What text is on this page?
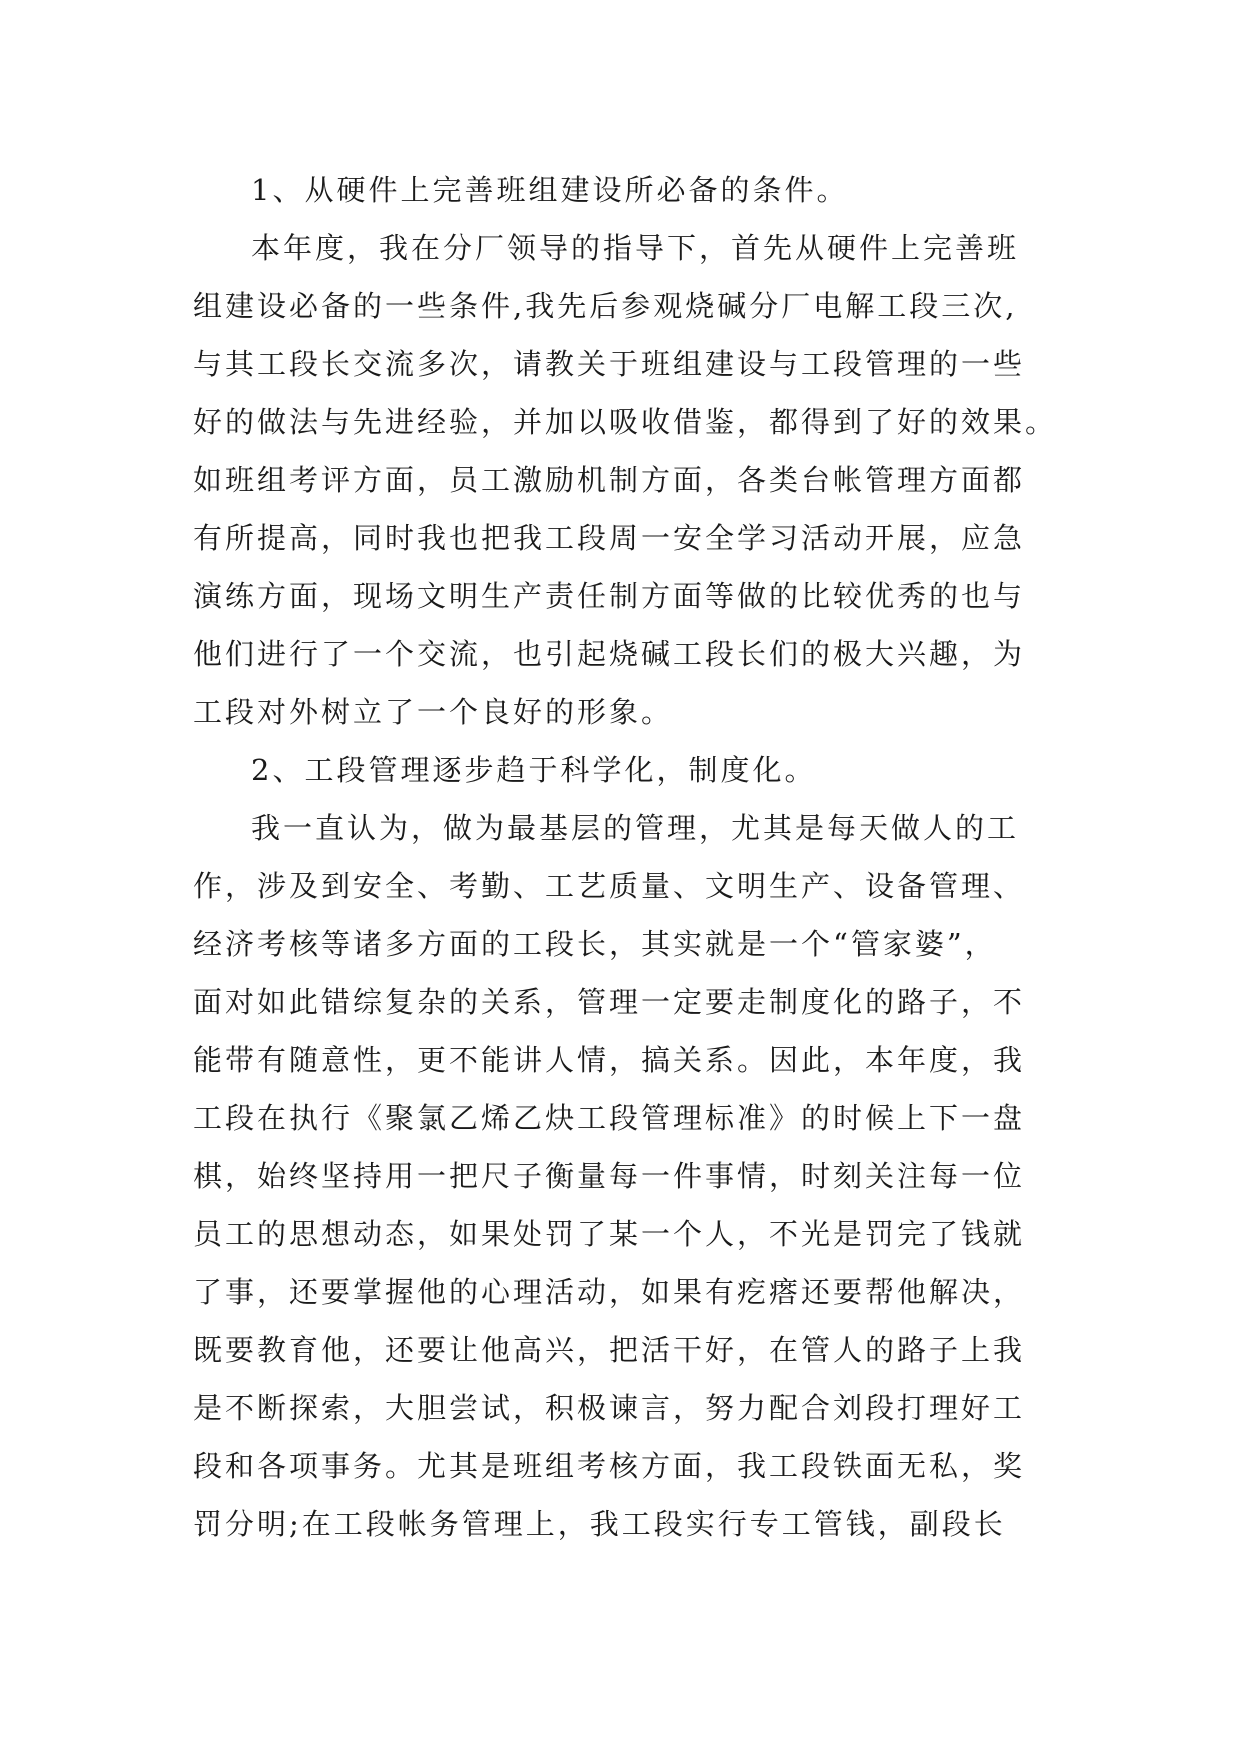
1、从硬件上完善班组建设所必备的条件。
本年度，我在分厂领导的指导下，首先从硬件上完善班
组建设必备的一些条件,我先后参观烧碱分厂电解工段三次,
与其工段长交流多次，请教关于班组建设与工段管理的一些
好的做法与先进经验，并加以吸收借鉴，都得到了好的效果。
如班组考评方面，员工激励机制方面，各类台帐管理方面都
有所提高，同时我也把我工段周一安全学习活动开展，应急
演练方面，现场文明生产责任制方面等做的比较优秀的也与
他们进行了一个交流，也引起烧碱工段长们的极大兴趣，为
工段对外树立了一个良好的形象。
2、工段管理逐步趋于科学化，制度化。
我一直认为，做为最基层的管理，尤其是每天做人的工
作，涉及到安全、考勤、工艺质量、文明生产、设备管理、
经济考核等诸多方面的工段长，其实就是一个“管家婆”，
面对如此错综复杂的关系，管理一定要走制度化的路子，不
能带有随意性，更不能讲人情，搞关系。因此，本年度，我
工段在执行《聚氯乙烯乙炔工段管理标准》的时候上下一盘
棋，始终坚持用一把尺子衡量每一件事情，时刻关注每一位
员工的思想动态，如果处罚了某一个人，不光是罚完了钱就
了事，还要掌握他的心理活动，如果有疙瘩还要帮他解决，
既要教育他，还要让他高兴，把活干好，在管人的路子上我
是不断探索，大胆尝试，积极谏言，努力配合刘段打理好工
段和各项事务。尤其是班组考核方面，我工段铁面无私，奖
罚分明;在工段帐务管理上，我工段实行专工管钱，副段长
